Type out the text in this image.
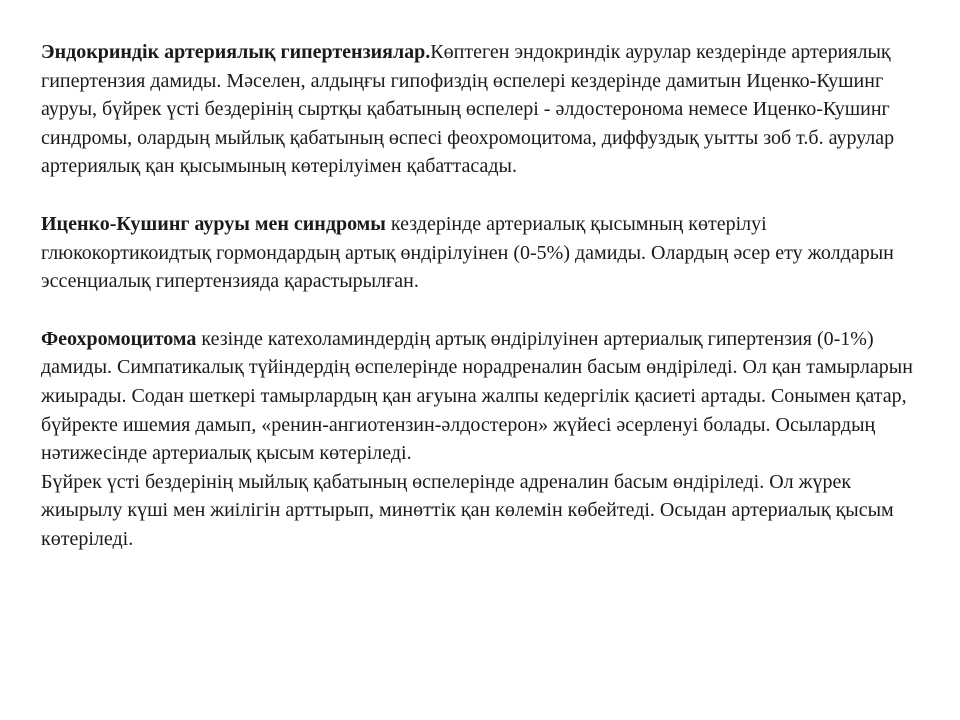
Эндокриндік артериялық гипертензиялар.Көптеген эндокриндік аурулар кездерінде артериялық гипертензия дамиды. Мәселен, алдыңғы гипофиздің өспелері кездерінде дамитын Иценко-Кушинг ауруы, бүйрек үсті бездерінің сыртқы қабатының өспелері - әлдостеронома немесе Иценко-Кушинг синдромы, олардың мыйлық қабатының өспесі феохромоцитома, диффуздық уытты зоб т.б. аурулар артериялық қан қысымының көтерілуімен қабаттасады.

Иценко-Кушинг ауруы мен синдромы кездерінде артериалық қысымның көтерілуі глюкокортикоидтық гормондардың артық өндірілуінен (0-5%) дамиды. Олардың әсер ету жолдарын эссенциалық гипертензияда қарастырылған.

Феохромоцитома кезінде катехоламиндердің артық өндірілуінен артериалық гипертензия (0-1%) дамиды. Симпатикалық түйіндердің өспелерінде норадреналин басым өндіріледі. Ол қан тамырларын жиырады. Содан шеткері тамырлардың қан ағуына жалпы кедергілік қасиеті артады. Сонымен қатар, бүйректе ишемия дамып, «ренин-ангиотензин-әлдостерон» жүйесі әсерленуі болады. Осылардың нәтижесінде артериалық қысым көтеріледі.

Бүйрек үсті бездерінің мыйлық қабатының өспелерінде адреналин басым өндіріледі. Ол жүрек жиырылу күші мен жиілігін арттырып, минөттік қан көлемін көбейтеді. Осыдан артериалық қысым көтеріледі.
